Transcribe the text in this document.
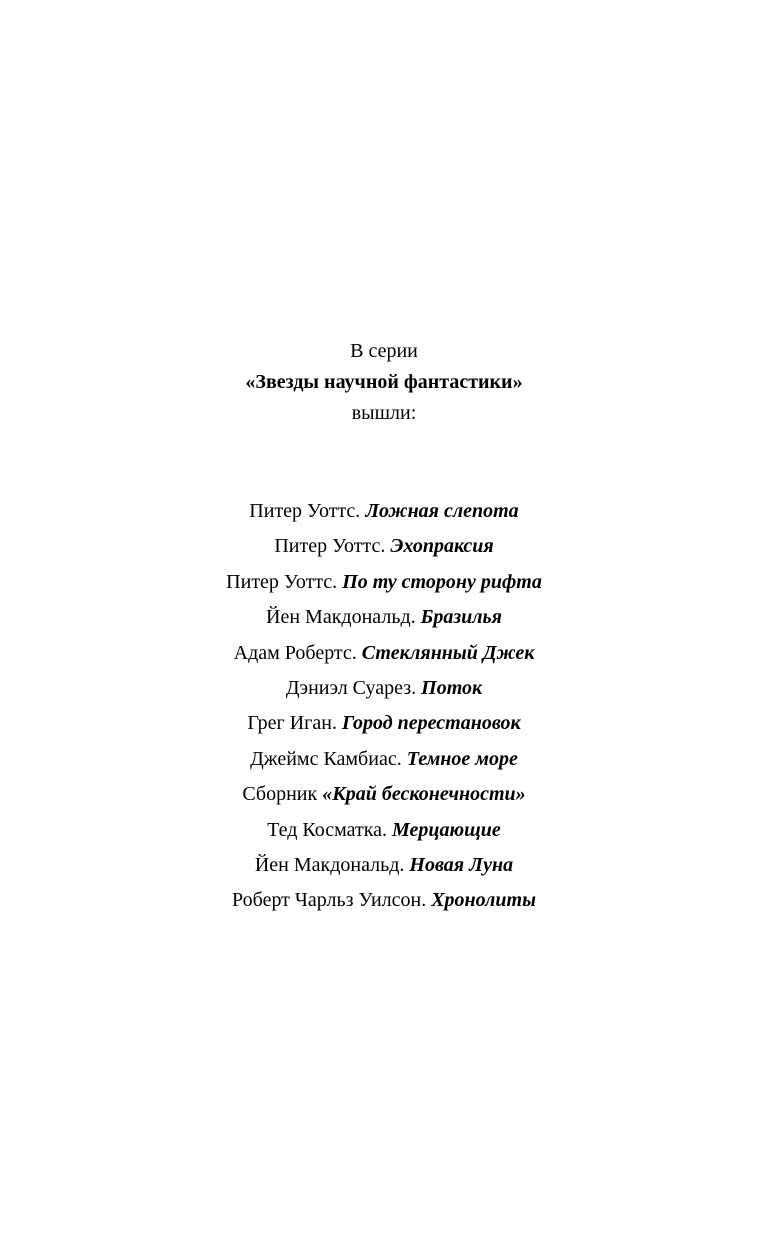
В серии
«Звезды научной фантастики»
вышли:
Питер Уоттс. Ложная слепота
Питер Уоттс. Эхопраксия
Питер Уоттс. По ту сторону рифта
Йен Макдональд. Бразилья
Адам Робертс. Стеклянный Джек
Дэниэл Суарез. Поток
Грег Иган. Город перестановок
Джеймс Камбиас. Темное море
Сборник «Край бесконечности»
Тед Косматка. Мерцающие
Йен Макдональд. Новая Луна
Роберт Чарльз Уилсон. Хронолиты
